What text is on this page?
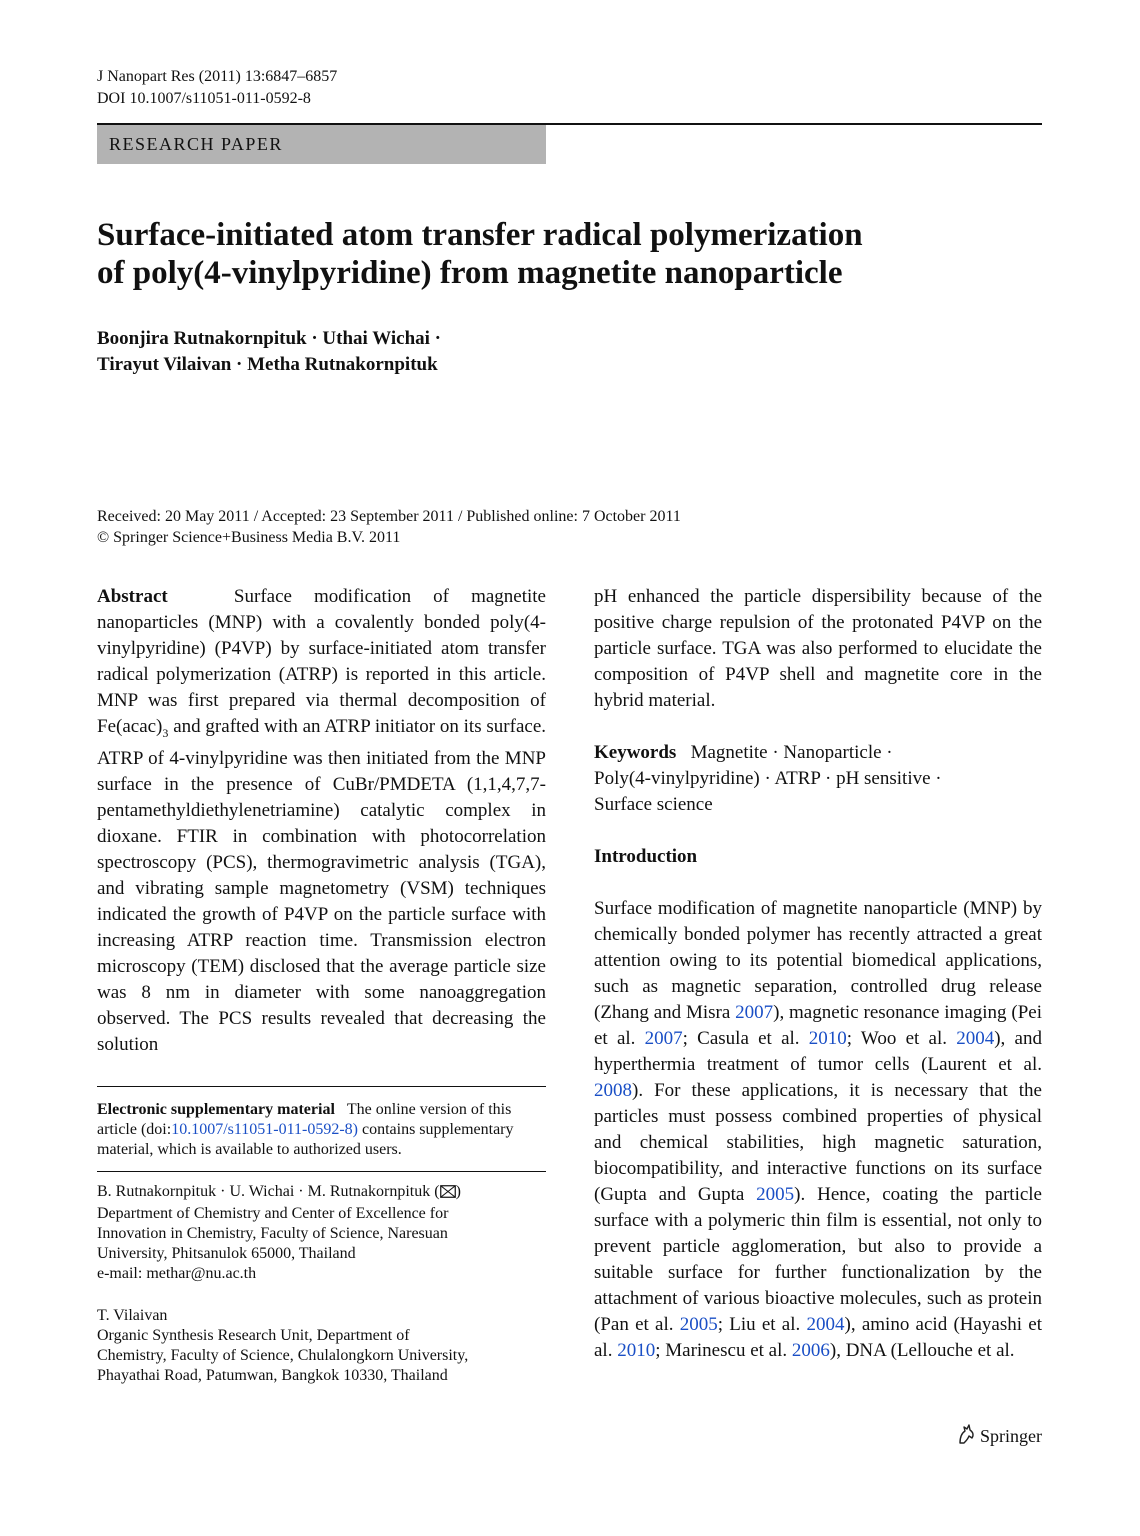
J Nanopart Res (2011) 13:6847–6857
DOI 10.1007/s11051-011-0592-8
RESEARCH PAPER
Surface-initiated atom transfer radical polymerization
of poly(4-vinylpyridine) from magnetite nanoparticle
Boonjira Rutnakornpituk · Uthai Wichai ·
Tirayut Vilaivan · Metha Rutnakornpituk
Received: 20 May 2011 / Accepted: 23 September 2011 / Published online: 7 October 2011
© Springer Science+Business Media B.V. 2011

Abstract	Surface modification of magnetite nanoparticles (MNP) with a covalently bonded poly(4-vinylpyridine) (P4VP) by surface-initiated atom transfer radical polymerization (ATRP) is reported in this article. MNP was first prepared via thermal decomposition of $Fe(acac)_3$ and grafted with an ATRP initiator on its surface. ATRP of 4-vinylpyridine was then initiated from the MNP surface in the presence of CuBr/PMDETA (1,1,4,7,7-pentamethyldiethylenetriamine) catalytic complex in dioxane. FTIR in combination with photocorrelation spectroscopy (PCS), thermogravimetric analysis (TGA), and vibrating sample magnetometry (VSM) techniques indicated the growth of P4VP on the particle surface with increasing ATRP reaction time. Transmission electron microscopy (TEM) disclosed that the average particle size was 8 nm in diameter with some nanoaggregation observed. The PCS results revealed that decreasing the solution

Electronic supplementary material The online version of this article (doi:10.1007/s11051-011-0592-8) contains supplementary material, which is available to authorized users.
B. Rutnakornpituk · U. Wichai · M. Rutnakornpituk ( )
Department of Chemistry and Center of Excellence for
Innovation in Chemistry, Faculty of Science, Naresuan
University, Phitsanulok 65000, Thailand
e-mail: methar@nu.ac.th
T. Vilaivan
Organic Synthesis Research Unit, Department of
Chemistry, Faculty of Science, Chulalongkorn University,
Phayathai Road, Patumwan, Bangkok 10330, Thailand

pH enhanced the particle dispersibility because of the positive charge repulsion of the protonated P4VP on the particle surface. TGA was also performed to elucidate the composition of P4VP shell and magnetite core in the hybrid material.

Keywords Magnetite · Nanoparticle ·
Poly(4-vinylpyridine) · ATRP · pH sensitive ·
Surface science
Introduction

Surface modification of magnetite nanoparticle (MNP) by chemically bonded polymer has recently attracted a great attention owing to its potential biomedical applications, such as magnetic separation, controlled drug release (Zhang and Misra 2007), magnetic resonance imaging (Pei et al. 2007; Casula et al. 2010; Woo et al. 2004), and hyperthermia treatment of tumor cells (Laurent et al. 2008). For these applications, it is necessary that the particles must possess combined properties of physical and chemical stabilities, high magnetic saturation, biocompatibility, and interactive functions on its surface (Gupta and Gupta 2005). Hence, coating the particle surface with a polymeric thin film is essential, not only to prevent particle agglomeration, but also to provide a suitable surface for further functionalization by the attachment of various bioactive molecules, such as protein (Pan et al. 2005; Liu et al. 2004), amino acid (Hayashi et al. 2010; Marinescu et al. 2006), DNA (Lellouche et al.

Springer
